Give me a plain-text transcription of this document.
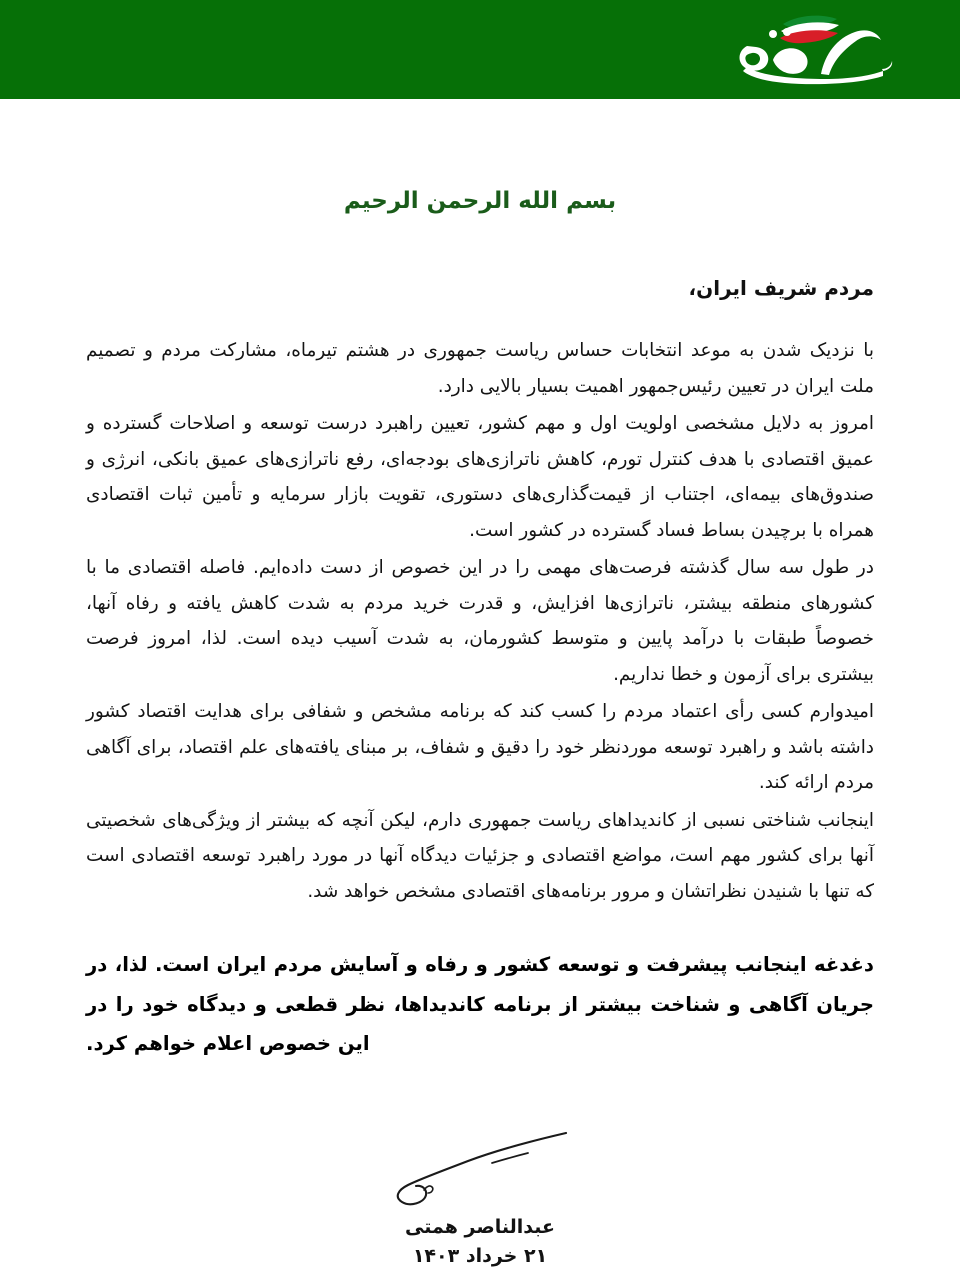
بسم الله الرحمن الرحیم
مردم شریف ایران،

با نزدیک شدن به موعد انتخابات حساس ریاست جمهوری در هشتم تیرماه، مشارکت مردم و تصمیم ملت ایران در تعیین رئیس‌جمهور اهمیت بسیار بالایی دارد.

امروز به دلایل مشخصی اولویت اول و مهم کشور، تعیین راهبرد درست توسعه و اصلاحات گسترده و عمیق اقتصادی با هدف کنترل تورم، کاهش ناترازی‌های بودجه‌ای، رفع ناترازی‌های عمیق بانکی، انرژی و صندوق‌های بیمه‌ای، اجتناب از قیمت‌گذاری‌های دستوری، تقویت بازار سرمایه و تأمین ثبات اقتصادی همراه با برچیدن بساط فساد گسترده در کشور است.

در طول سه سال گذشته فرصت‌های مهمی را در این خصوص از دست داده‌ایم. فاصله اقتصادی ما با کشورهای منطقه بیشتر، ناترازی‌ها افزایش، و قدرت خرید مردم به شدت کاهش یافته و رفاه آنها، خصوصاً طبقات با درآمد پایین و متوسط کشورمان، به شدت آسیب دیده است. لذا، امروز فرصت بیشتری برای آزمون و خطا نداریم.

امیدوارم کسی رأی اعتماد مردم را کسب کند که برنامه مشخص و شفافی برای هدایت اقتصاد کشور داشته باشد و راهبرد توسعه موردنظر خود را دقیق و شفاف، بر مبنای یافته‌های علم اقتصاد، برای آگاهی مردم ارائه کند.

اینجانب شناختی نسبی از کاندیداهای ریاست جمهوری دارم، لیکن آنچه که بیشتر از ویژگی‌های شخصیتی آنها برای کشور مهم است، مواضع اقتصادی و جزئیات دیدگاه آنها در مورد راهبرد توسعه اقتصادی است که تنها با شنیدن نظراتشان و مرور برنامه‌های اقتصادی مشخص خواهد شد.

دغدغه اینجانب پیشرفت و توسعه کشور و رفاه و آسایش مردم ایران است. لذا، در جریان آگاهی و شناخت بیشتر از برنامه کاندیداها، نظر قطعی و دیدگاه خود را در این خصوص اعلام خواهم کرد.

عبدالناصر همتی
۲۱ خرداد ۱۴۰۳
